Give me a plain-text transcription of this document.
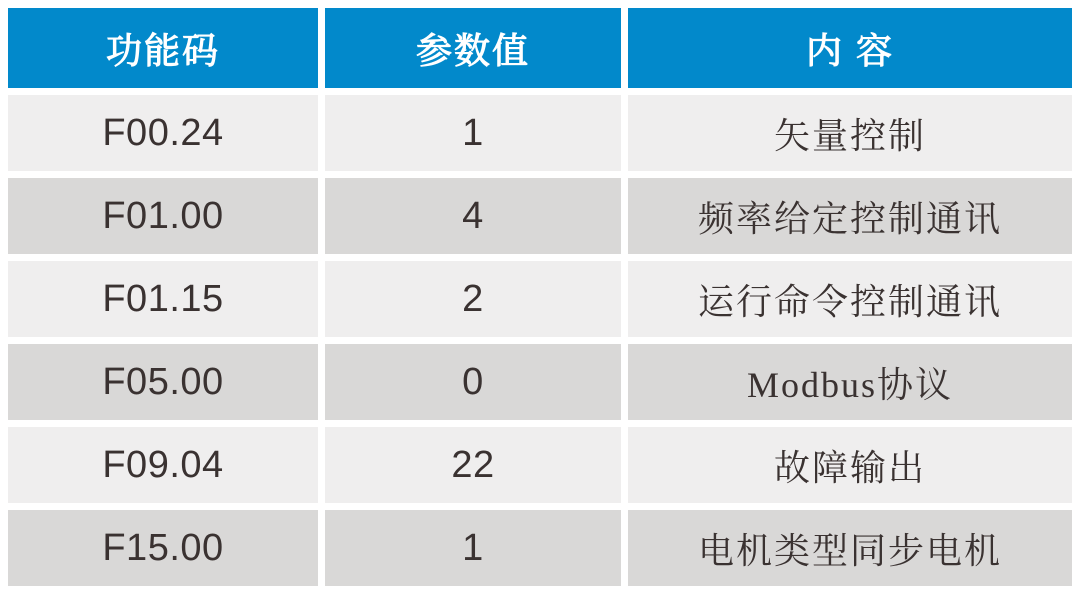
功能码	参数值	内 容
F00.24	1	矢量控制
F01.00	4	频率给定控制通讯
F01.15	2	运行命令控制通讯
F05.00	0	Modbus协议
F09.04	22	故障输出
F15.00	1	电机类型同步电机
